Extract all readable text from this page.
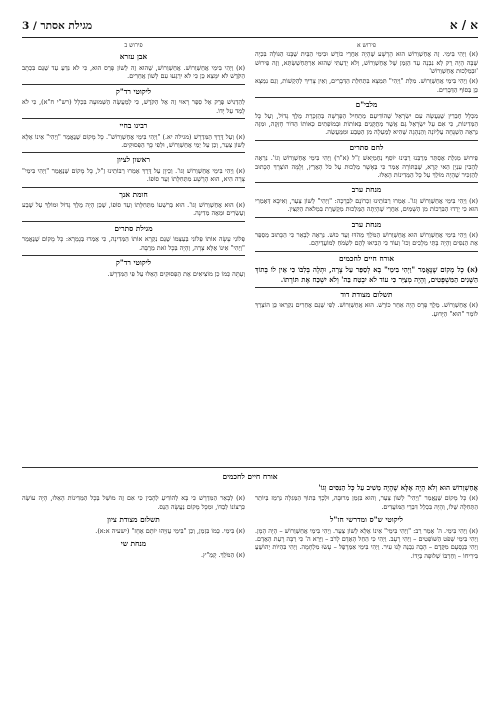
א / א
מגילת אסתר / 3
פירוש א

(א) וַיְהִי בִּימֵי. זֶה אֲחַשְׁוֵרוֹשׁ הוּא הָרָשָׁע שֶׁהָיָה אַחֲרֵי כּוֹרֶשׁ וּבִימֵי הַבַּיִת שֶׁבָּנוּ הַגּוֹלָה בִּכְיָה שֶׁבָּה הָיָה רַק לְא נִבְנָה עַד הַזְּמַן שֶׁל אֲחַשְׁוֵרוֹשׁ, וְלֹא יָדַעְתִּי שֶׁהוּא אַרְתַּחְשַׁשְׂתְּא, וְזֶה פֵּירוּשׁ 'וּבְמַלְכוּת אֲחַשְׁוֵרוֹשׁ'

(א) וַיְהִי בִּימֵי אֲחַשְׁוֵרוֹשׁ. מִלַּת "וַיְהִי" תִּמְצָא בִּתְחִלַּת הַדְּבָרִים, וְאֵין צָרִיךְ לְהַקְשׁוֹת, וְגַם נִמְצָא כֵּן בְּסוֹף הַדְּבָרִים.

מלבי"ם

מִכְלָל חֶבְרִין שֶׁנַּעֲשָׂה עִם יִשְׂרָאֵל שֶׁהוֹדִיעַם מַתְחִיל הַפָּרָשָׁה בְּהַזְכָּרַת מֶלֶךְ גָּדוֹל, וְעַל כָּל הַמְּדִינוֹת, כִּי אִם עַל יִשְׂרָאֵל גַּם אֲשֶׁר מְתֻקָּנִים בְּאוֹתוֹת וּבְמוֹפְתִים כְּאוֹתוֹ הַדּוֹר חָזְקָה, וּמִזֶּה נִרְאֶה הַשְׁגָּחָה עֶלְיוֹנָה וְהַנְהָגָה שֶׁהִיא לְמַעְלָה מִן הַטֶּבַע וּמִמַּעֲשֵׂה.

לחם סתרים

פֵּירוּשׁ מְגִלַּת אֶסְתֵּר מֵרַבֵּנוּ רַבֵּינוּ יוֹסֵף נְחֶמְיָאשׁ זַ"ל (א"ר) וַיְהִי בִּימֵי אֲחַשְׁוֵרוֹשׁ וְגוֹ'. נִרְאֶה לְהָבִין עִנְיָן הַאי קְרָא, שֶׁבַּתּוֹרָה אָמַר כִּי בְּאָשָׁר מַלְכוּת עַל כֹּל הָאָרֶץ, וְלָמָּה הוֹצְרָךְ הַכָּתוּב לְהַזְכִּיר שֶׁהָיָה מוֹלֵךְ עַל כָּל הַמְּדִינוֹת הָאֵלּוּ.

מנחת ערב

(א) וַיְהִי בִּימֵי אֲחַשְׁוֵרוֹשׁ וְגוֹ'. אָמְרוּ רַבּוֹתֵינוּ זִכְרוֹנָם לִבְרָכָה: "וַיְהִי" לְשׁוֹן צַעַר, וְאִיכָּא דְּאָמְרִי הוּא כִּי יָרְדוּ הַבִּרְכוֹת מִן הַשָּׁמַיִם, אַחֲרֵי שֶׁהָיְתָה הַמַּלְכוּת מְקֻשֶּׁרֶת בִּמְלֹאת הַקִּצִּין.

מנחת ערב

(א) וַיְהִי בִּימֵי אֲחַשְׁוֵרוֹשׁ הוּא אֲחַשְׁוֵרוֹשׁ הַמֹּלֵךְ מֵהֹדּוּ וְעַד כּוּשׁ. נִרְאֶה לְבָאֵר כִּי הַכָּתוּב מְסַפֵּר אֶת הַנִּסִּים וְהָיָה בָּתֵּי מְלָכִים וְכוּ' וְעוֹד כִּי הֵבִיאוּ לָהֶם לִשְׂמֹחַ לְמוֹעֲדֵיהֶם.

אורח חיים לחכמים

(א) כָּל מָקוֹם שֶׁנֶּאֱמַר "וַיְהִי בִּימֵי" בָּא לְסַפֵּר עַל צָרָה, וּתְלָה בְּלִבּוֹ כִּי אֵין לוֹ בְּתוֹךְ הַשָּׁנִים הַמִּשְׁפָּטִים, וְהָיָה מְצַיֵּר כִּי עוֹד לֹא יִבְטַח בַּה' וְלֹא יִשְׁכַּח אֶת תּוֹרָתוֹ.

תשלום מצודת דוד

(א) אֲחַשְׁוֵרוֹשׁ. מֶלֶךְ פָּרָס הָיָה אַחַר כּוֹרֶשׁ. הוּא אֲחַשְׁוֵרוֹשׁ. לְפִי שֶׁגַּם אֲחֵרִים נִקְרְאוּ כֵּן הוֹצְרַךְ לוֹמַר "הוּא" הַיָּדוּעַ.

פירוש ב
אבן עזרא

(א) וַיְהִי בִּימֵי אֲחַשְׁוֵרוֹשׁ. אֲחַשְׁוֵרוֹשׁ, שֶׁהוּא זֶה לְשׁוֹן פָּרַס הוּא, כִּי לֹא נִדְעַ עַד שֶׁגַּם בִּכְתָב הַקֹּדֶשׁ לֹא יִמָּצֵא כֵּן כִּי לֹא יִרְגְּעוּ עִם לָשׁוֹן אֲחֵרִים.

ליקוטי רד"ק

לְהַדְגִּישׁ פֶּרֶק אֶל סֵפֶר רָאוּי זֶה אֶל הַקֹּדֶשׁ, כִּי לְמַעֲשֶׂה הַשְּׁמוּעָה בִּכְלָל (רש"י ח"א), כִּי לֹא לָמַד עַל יָדוֹ.

רבינו בחיי

(א) וְעַל דֶּרֶךְ הַמִּדְרָשׁ (מגילה יא.) "וַיְהִי בִּימֵי אֲחַשְׁוֵרוֹשׁ". כָּל מָקוֹם שֶׁנֶּאֱמַר "וַיְהִי" אֵינוֹ אֶלָּא לְשׁוֹן צַעַר, וְכֵן עַל יְמֵי אֲחַשְׁוֵרוֹשׁ, וּלְפִי כָּךְ הַפְּסוּקִים.

ראשון לציון

(א) וַיְהִי בִּימֵי אֲחַשְׁוֵרוֹשׁ וְגוֹ'. וְכֵיוָן עַל דֶּרֶךְ אָמְרוּ רַבּוֹתֵינוּ זַ"ל, כָּל מָקוֹם שֶׁנֶּאֱמַר "וַיְהִי בִּימֵי" צָרָה הִיא, הוּא הָרָשָׁע מִתְּחִלָּתוֹ וְעַד סוֹפוֹ.

חומת אנך

(א) הוּא אֲחַשְׁוֵרוֹשׁ וְגוֹ'. הוּא בְּרִשְׁעוֹ מִתְּחִלָּתוֹ וְעַד סוֹפוֹ, שֶׁכֵּן הָיָה מֶלֶךְ גָּדוֹל וּמוֹלֵךְ עַל שֶׁבַע וְעֶשְׂרִים וּמֵאָה מְדִינָה.

מגילת סתרים

פְּלוֹנִי עָשָׂה אוֹתוֹ פְּלוֹנִי בְּעַצְמוֹ שֶׁגַּם נִקְרָא אוֹתוֹ הַמְּדִינָה, כִּי אָמְרוּ בְּגָמְרָא: כָּל מָקוֹם שֶׁנֶּאֱמַר "וַיְהִי" אֵינוֹ אֶלָּא צָרָה, וְהָיָה בְּכָל זֹאת מְרֻבָּה.

ליקוטי רד"ק

וְעַתָּה כְּמוֹ כֵן מוֹצִיאִים אֶת הַפְּסוּקִים הָאֵלּוּ עַל פִּי הַמִּדְרָשׁ.

אורח חיים לחכמים

אֲחַשְׁוֵרוֹשׁ הוּא וְלֹא הָיָה אֶלָּא שֶׁהָיָה מֵשִׁיב עַל כָּל הַנִּסִּים וְגוֹ'

(א) כָּל מָקוֹם שֶׁנֶּאֱמַר "וַיְהִי" לְשׁוֹן צַעַר, וְהוּא בִּזְמַן מְרוּבָּה, וּלְכָךְ בְּתוֹךְ הַמְּגִלָּה נִרְמַז בְּיוֹתֵר הַתְּחִלָּה שֶׁלּוֹ, וְהָיָה בִּכְלַל דִּבְרֵי הַמּוֹעֲדִים.

ליקוטי ש"ס ומדרשי חז"ל

(א) וַיְהִי בִּימֵי. ה' אָמַר רַב: "וַיְהִי בִּימֵי" אֵינוֹ אֶלָּא לְשׁוֹן צַעַר. וַיְהִי בִּימֵי אֲחַשְׁוֵרוֹשׁ – הָיָה הָמָן. וַיְהִי בִּימֵי שְׁפֹט הַשּׁוֹפְטִים – וַיְהִי רָעָב. וַיְהִי כִּי הֵחֵל הָאָדָם לָרֹב – וַיַּרְא ה' כִּי רַבָּה רָעַת הָאָדָם. וַיְהִי בְּנָסְעָם מִקֶּדֶם – הָבָה נִבְנֶה לָּנוּ עִיר. וַיְהִי בִּימֵי אַמְרָפֶל – עָשׂוּ מִלְחָמָה. וַיְהִי בִּהְיוֹת יְהוֹשֻׁעַ בִּירִיחוֹ – וְחַרְבּוֹ שְׁלוּפָה בְּיָדוֹ.

(א) לְבָאֵר הַמִּדְרָשׁ כִּי בָּא לְהוֹדִיעַ לְהָבִין כִּי אִם זֶה מוֹשֵׁל בְּכָל הַמְּדִינוֹת הָאֵלּוּ, הָיָה עוֹשֶׂה כִּרְצוֹנוֹ לְבַדּוֹ, וּמִכָּל מָקוֹם נַעֲשָׂה הַנֵּס.

תשלום מצודת ציון

(א) בִּימֵי. כְּמוֹ בִּזְמַן, וְכֵן "בִּימֵי עֻזִּיָּהוּ יוֹתָם אָחָז" (ישעיה א:א).

מנחת שי

(א) הַמֹּלֵךְ. קָמַ"ץ.
